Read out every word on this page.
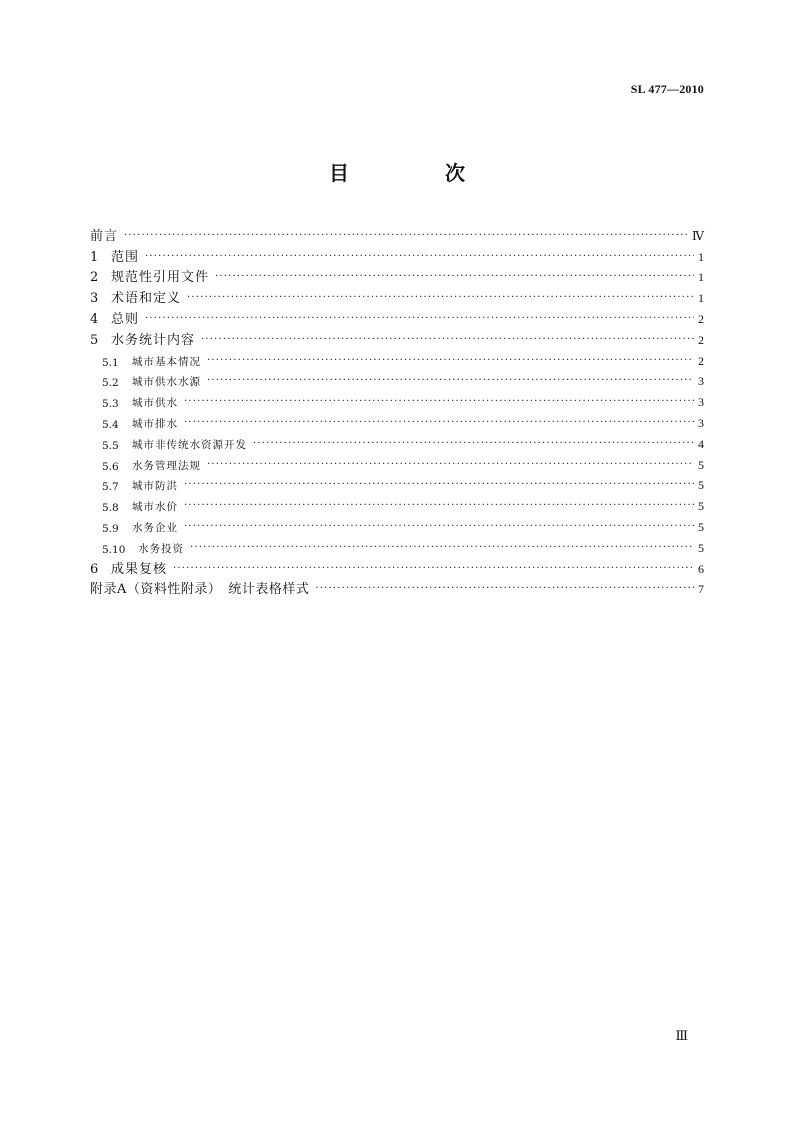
SL 477—2010
目　次
前言 ·····	Ⅳ
1 范围 ·····	1
2 规范性引用文件 ·····	1
3 术语和定义 ·····	1
4 总则 ·····	2
5 水务统计内容 ·····	2
5.1	城市基本情况 ·····	2
5.2	城市供水水源 ·····	3
5.3	城市供水 ·····	3
5.4	城市排水 ·····	3
5.5	城市非传统水资源开发 ·····	4
5.6	水务管理法规 ·····	5
5.7	城市防洪 ·····	5
5.8	城市水价 ·····	5
5.9	水务企业 ·····	5
5.10	水务投资 ·····	5
6 成果复核 ·····	6
附录A（资料性附录）　统计表格样式 ·····	7
Ⅲ
